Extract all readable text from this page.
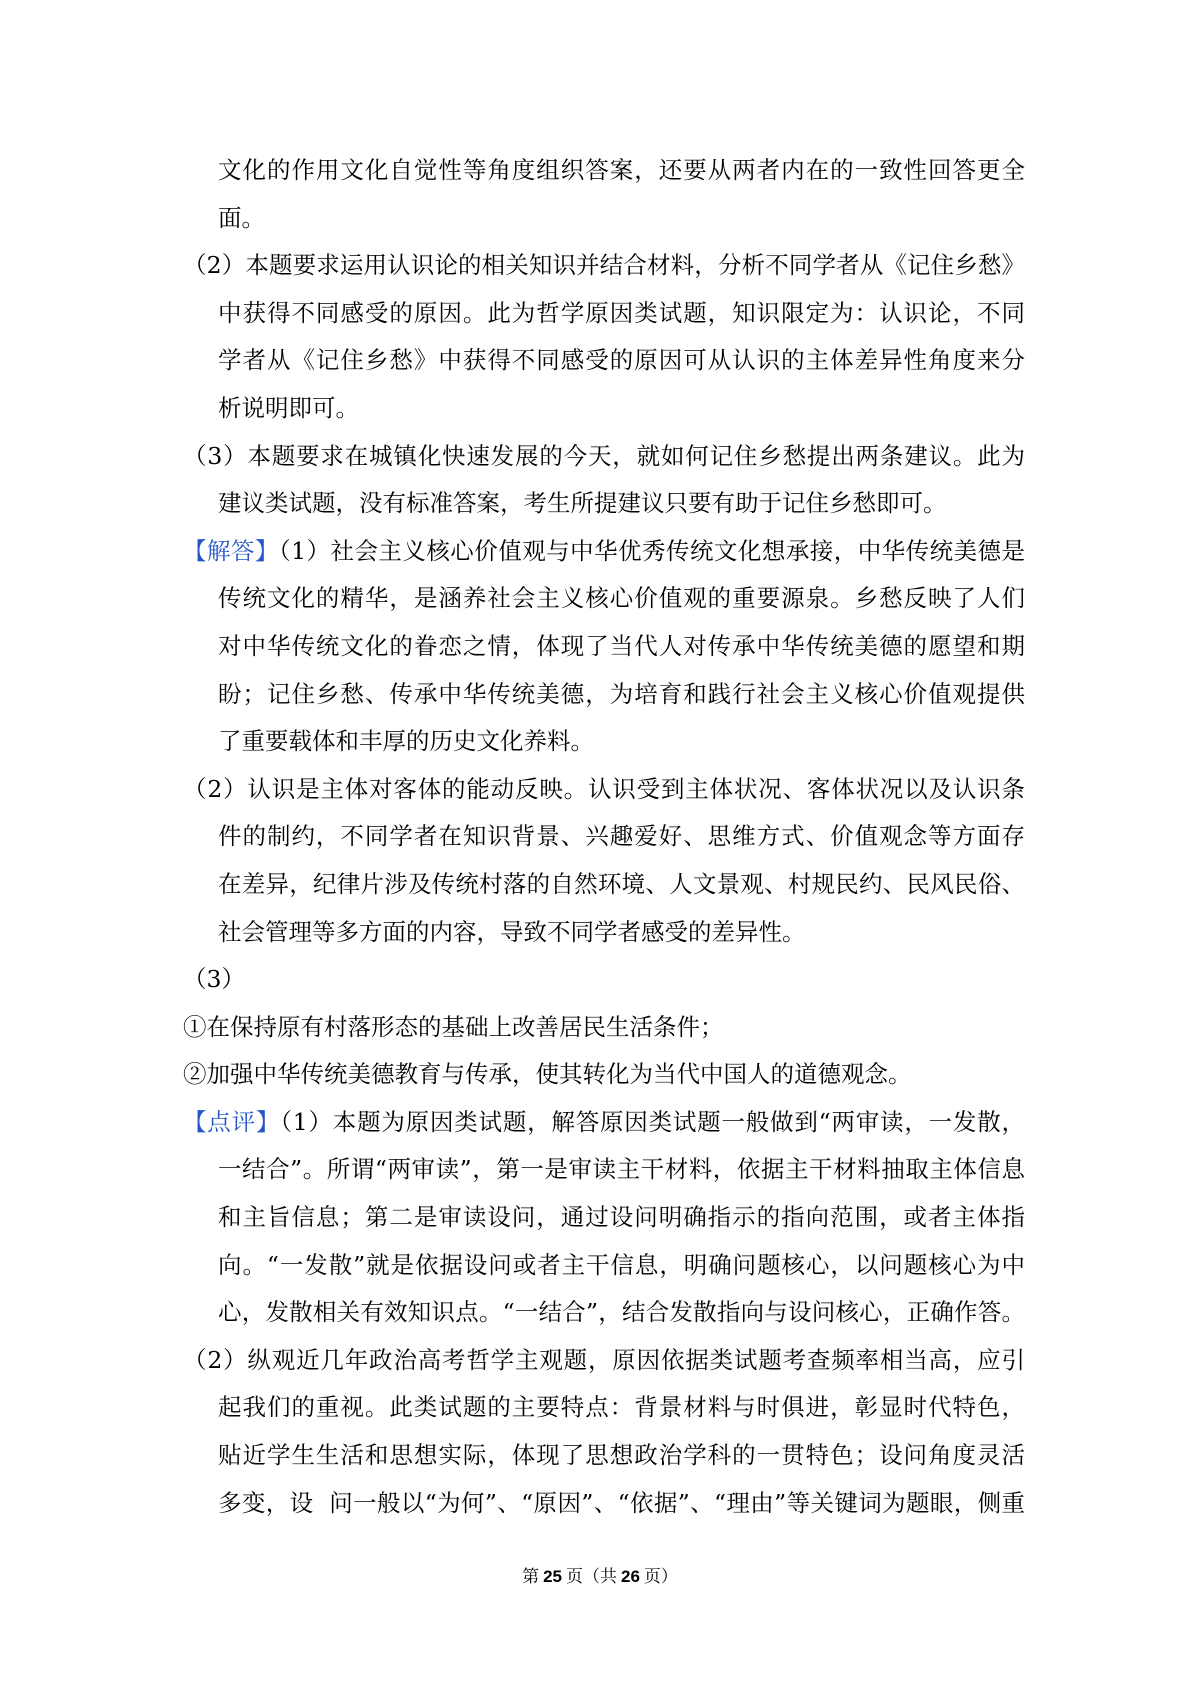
文化的作用文化自觉性等角度组织答案，还要从两者内在的一致性回答更全
面。
（2）本题要求运用认识论的相关知识并结合材料，分析不同学者从《记住乡愁》
中获得不同感受的原因。此为哲学原因类试题，知识限定为：认识论，不同
学者从《记住乡愁》中获得不同感受的原因可从认识的主体差异性角度来分
析说明即可。
（3）本题要求在城镇化快速发展的今天，就如何记住乡愁提出两条建议。此为
建议类试题，没有标准答案，考生所提建议只要有助于记住乡愁即可。
【解答】（1）社会主义核心价值观与中华优秀传统文化想承接，中华传统美德是
传统文化的精华，是涵养社会主义核心价值观的重要源泉。乡愁反映了人们
对中华传统文化的眷恋之情，体现了当代人对传承中华传统美德的愿望和期
盼；记住乡愁、传承中华传统美德，为培育和践行社会主义核心价值观提供
了重要载体和丰厚的历史文化养料。
（2）认识是主体对客体的能动反映。认识受到主体状况、客体状况以及认识条
件的制约，不同学者在知识背景、兴趣爱好、思维方式、价值观念等方面存
在差异，纪律片涉及传统村落的自然环境、人文景观、村规民约、民风民俗、
社会管理等多方面的内容，导致不同学者感受的差异性。
（3）
①在保持原有村落形态的基础上改善居民生活条件；
②加强中华传统美德教育与传承，使其转化为当代中国人的道德观念。
【点评】（1）本题为原因类试题，解答原因类试题一般做到“两审读，一发散，
一结合”。所谓“两审读”，第一是审读主干材料，依据主干材料抽取主体信息
和主旨信息；第二是审读设问，通过设问明确指示的指向范围，或者主体指
向。“一发散”就是依据设问或者主干信息，明确问题核心，以问题核心为中
心，发散相关有效知识点。“一结合”，结合发散指向与设问核心，正确作答。
（2）纵观近几年政治高考哲学主观题，原因依据类试题考查频率相当高，应引
起我们的重视。此类试题的主要特点：背景材料与时俱进，彰显时代特色，
贴近学生生活和思想实际，体现了思想政治学科的一贯特色；设问角度灵活
多变，设  问一般以“为何”、“原因”、“依据”、“理由”等关键词为题眼，侧重
第 25 页（共 26 页）
